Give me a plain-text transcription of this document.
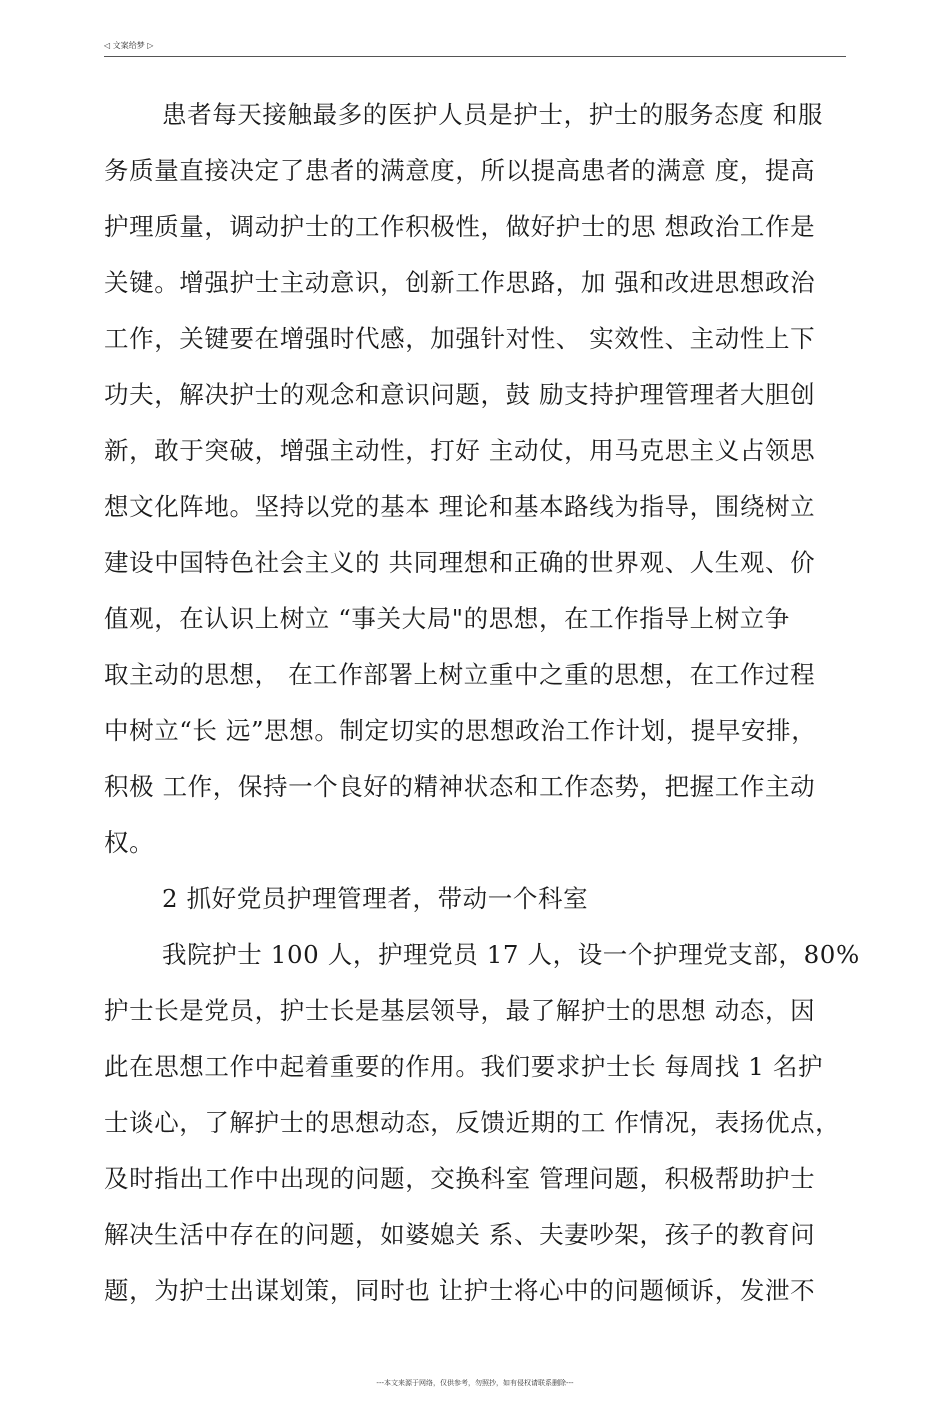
◁ 文案给梦 ▷
患者每天接触最多的医护人员是护士，护士的服务态度 和服
务质量直接决定了患者的满意度，所以提高患者的满意 度，提高
护理质量，调动护士的工作积极性，做好护士的思 想政治工作是
关键。增强护士主动意识，创新工作思路，加 强和改进思想政治
工作，关键要在增强时代感，加强针对性、 实效性、主动性上下
功夫，解决护士的观念和意识问题，鼓 励支持护理管理者大胆创
新，敢于突破，增强主动性，打好 主动仗，用马克思主义占领思
想文化阵地。坚持以党的基本 理论和基本路线为指导，围绕树立
建设中国特色社会主义的 共同理想和正确的世界观、人生观、价
值观，在认识上树立 “事关大局"的思想，在工作指导上树立争
取主动的思想， 在工作部署上树立重中之重的思想，在工作过程
中树立“长 远”思想。制定切实的思想政治工作计划，提早安排，
积极 工作，保持一个良好的精神状态和工作态势，把握工作主动
权。
2 抓好党员护理管理者，带动一个科室
我院护士 100 人，护理党员 17 人，设一个护理党支部，80%
护士长是党员，护士长是基层领导，最了解护士的思想 动态，因
此在思想工作中起着重要的作用。我们要求护士长 每周找 1 名护
士谈心，了解护士的思想动态，反馈近期的工 作情况，表扬优点，
及时指出工作中出现的问题，交换科室 管理问题，积极帮助护士
解决生活中存在的问题，如婆媳关 系、夫妻吵架，孩子的教育问
题，为护士出谋划策，同时也 让护士将心中的问题倾诉，发泄不
---本文来源于网络，仅供参考，勿照抄，如有侵权请联系删除---
